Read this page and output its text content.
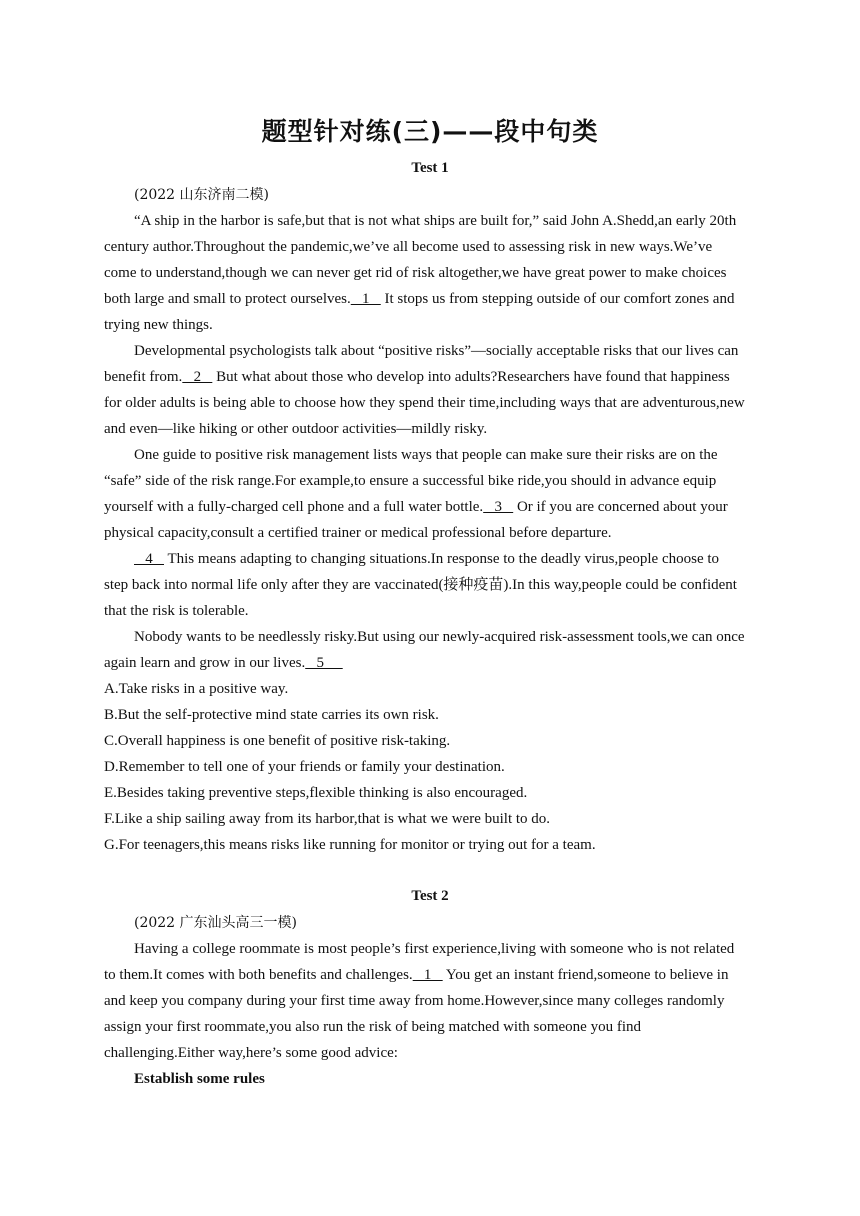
题型针对练(三)——段中句类
Test 1
(2022 山东济南二模)
“A ship in the harbor is safe,but that is not what ships are built for,” said John A.Shedd,an early 20th
century author.Throughout the pandemic,we’ve all become used to assessing risk in new ways.We’ve
come to understand,though we can never get rid of risk altogether,we have great power to make choices
both large and small to protect ourselves.   1    It stops us from stepping outside of our comfort zones and
trying new things.
Developmental psychologists talk about “positive risks”—socially acceptable risks that our lives can
benefit from.   2    But what about those who develop into adults?Researchers have found that happiness
for older adults is being able to choose how they spend their time,including ways that are adventurous,new
and even—like hiking or other outdoor activities—mildly risky.
One guide to positive risk management lists ways that people can make sure their risks are on the
“safe” side of the risk range.For example,to ensure a successful bike ride,you should in advance equip
yourself with a fully-charged cell phone and a full water bottle.   3    Or if you are concerned about your
physical capacity,consult a certified trainer or medical professional before departure.
4    This means adapting to changing situations.In response to the deadly virus,people choose to
step back into normal life only after they are vaccinated(接种疫苗).In this way,people could be confident
that the risk is tolerable.
Nobody wants to be needlessly risky.But using our newly-acquired risk-assessment tools,we can once
again learn and grow in our lives.   5
A.Take risks in a positive way.
B.But the self-protective mind state carries its own risk.
C.Overall happiness is one benefit of positive risk-taking.
D.Remember to tell one of your friends or family your destination.
E.Besides taking preventive steps,flexible thinking is also encouraged.
F.Like a ship sailing away from its harbor,that is what we were built to do.
G.For teenagers,this means risks like running for monitor or trying out for a team.
Test 2
(2022 广东汕头高三一模)
Having a college roommate is most people’s first experience,living with someone who is not related
to them.It comes with both benefits and challenges.   1    You get an instant friend,someone to believe in
and keep you company during your first time away from home.However,since many colleges randomly
assign your first roommate,you also run the risk of being matched with someone you find
challenging.Either way,here’s some good advice:
Establish some rules
